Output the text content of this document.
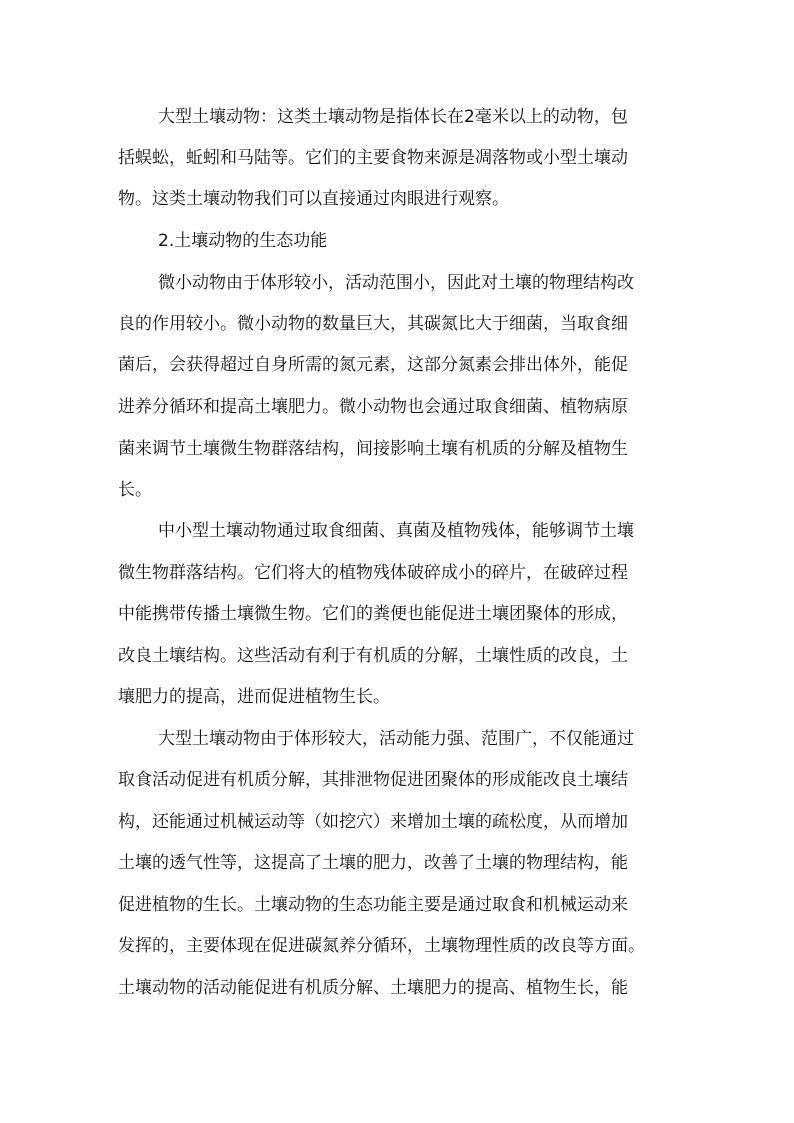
大型土壤动物：这类土壤动物是指体长在2毫米以上的动物，包

括蜈蚣，蚯蚓和马陆等。它们的主要食物来源是凋落物或小型土壤动

物。这类土壤动物我们可以直接通过肉眼进行观察。

2.土壤动物的生态功能

微小动物由于体形较小，活动范围小，因此对土壤的物理结构改

良的作用较小。微小动物的数量巨大，其碳氮比大于细菌，当取食细

菌后，会获得超过自身所需的氮元素，这部分氮素会排出体外，能促

进养分循环和提高土壤肥力。微小动物也会通过取食细菌、植物病原

菌来调节土壤微生物群落结构，间接影响土壤有机质的分解及植物生

长。

中小型土壤动物通过取食细菌、真菌及植物残体，能够调节土壤

微生物群落结构。它们将大的植物残体破碎成小的碎片，在破碎过程

中能携带传播土壤微生物。它们的粪便也能促进土壤团聚体的形成，

改良土壤结构。这些活动有利于有机质的分解，土壤性质的改良，土

壤肥力的提高，进而促进植物生长。

大型土壤动物由于体形较大，活动能力强、范围广，不仅能通过

取食活动促进有机质分解，其排泄物促进团聚体的形成能改良土壤结

构，还能通过机械运动等（如挖穴）来增加土壤的疏松度，从而增加

土壤的透气性等，这提高了土壤的肥力，改善了土壤的物理结构，能

促进植物的生长。土壤动物的生态功能主要是通过取食和机械运动来

发挥的，主要体现在促进碳氮养分循环，土壤物理性质的改良等方面。

土壤动物的活动能促进有机质分解、土壤肥力的提高、植物生长，能
